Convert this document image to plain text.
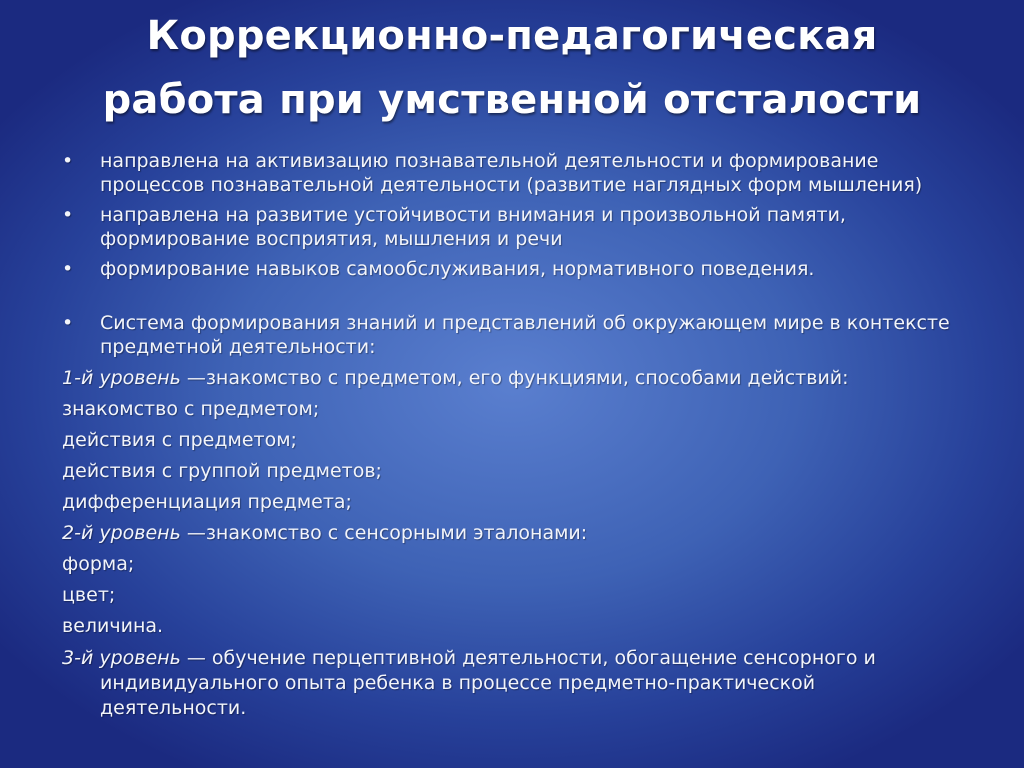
Коррекционно-педагогическая
работа при умственной отсталости
• направлена на активизацию познавательной деятельности и формирование процессов познавательной деятельности (развитие наглядных форм мышления)
• направлена на развитие устойчивости внимания и произвольной памяти, формирование восприятия, мышления и речи
• формирование навыков самообслуживания, нормативного поведения.
• Система формирования знаний и представлений об окружающем мире в контексте предметной деятельности:
1-й уровень —знакомство с предметом, его функциями, способами действий:
знакомство с предметом;
действия с предметом;
действия с группой предметов;
дифференциация предмета;
2-й уровень —знакомство с сенсорными эталонами:
форма;
цвет;
величина.
3-й уровень — обучение перцептивной деятельности, обогащение сенсорного и индивидуального опыта ребенка в процессе предметно-практической деятельности.
